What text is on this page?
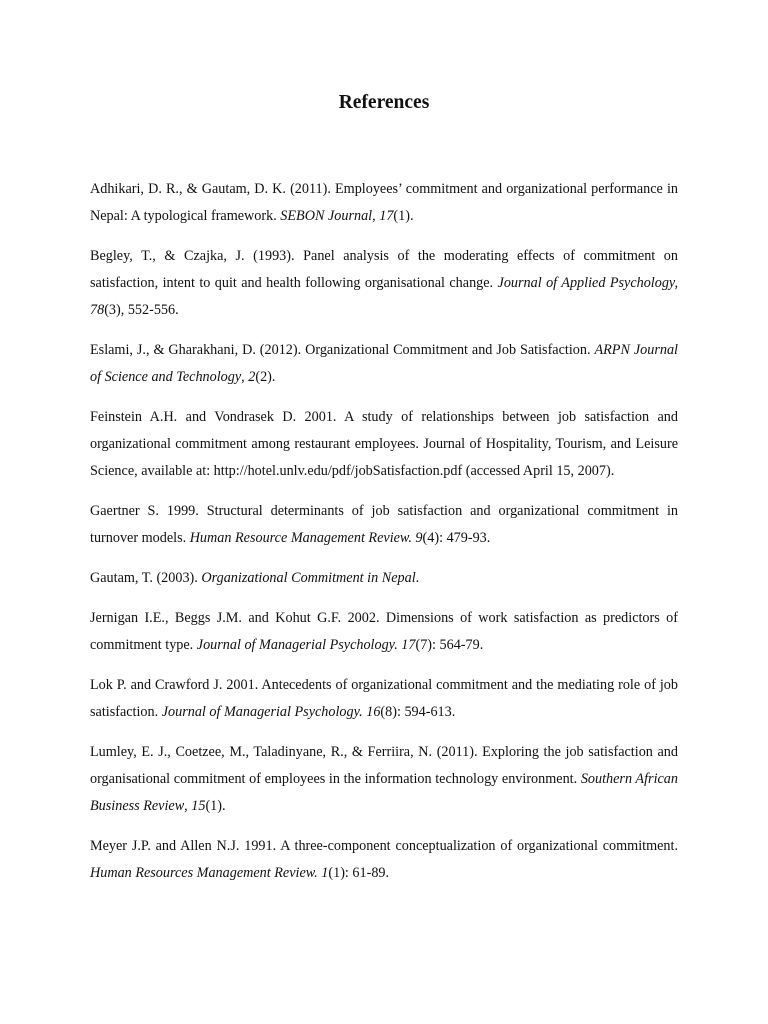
References

Adhikari, D. R., & Gautam, D. K. (2011). Employees’ commitment and organizational performance in Nepal: A typological framework. SEBON Journal, 17(1).

Begley, T., & Czajka, J. (1993). Panel analysis of the moderating effects of commitment on satisfaction, intent to quit and health following organisational change. Journal of Applied Psychology, 78(3), 552-556.

Eslami, J., & Gharakhani, D. (2012). Organizational Commitment and Job Satisfaction. ARPN Journal of Science and Technology, 2(2).

Feinstein A.H. and Vondrasek D. 2001. A study of relationships between job satisfaction and organizational commitment among restaurant employees. Journal of Hospitality, Tourism, and Leisure Science, available at: http://hotel.unlv.edu/pdf/jobSatisfaction.pdf (accessed April 15, 2007).

Gaertner S. 1999. Structural determinants of job satisfaction and organizational commitment in turnover models. Human Resource Management Review. 9(4): 479-93.

Gautam, T. (2003). Organizational Commitment in Nepal.

Jernigan I.E., Beggs J.M. and Kohut G.F. 2002. Dimensions of work satisfaction as predictors of commitment type. Journal of Managerial Psychology. 17(7): 564-79.

Lok P. and Crawford J. 2001. Antecedents of organizational commitment and the mediating role of job satisfaction. Journal of Managerial Psychology. 16(8): 594-613.

Lumley, E. J., Coetzee, M., Taladinyane, R., & Ferriira, N. (2011). Exploring the job satisfaction and organisational commitment of employees in the information technology environment. Southern African Business Review, 15(1).

Meyer J.P. and Allen N.J. 1991. A three-component conceptualization of organizational commitment. Human Resources Management Review. 1(1): 61-89.
